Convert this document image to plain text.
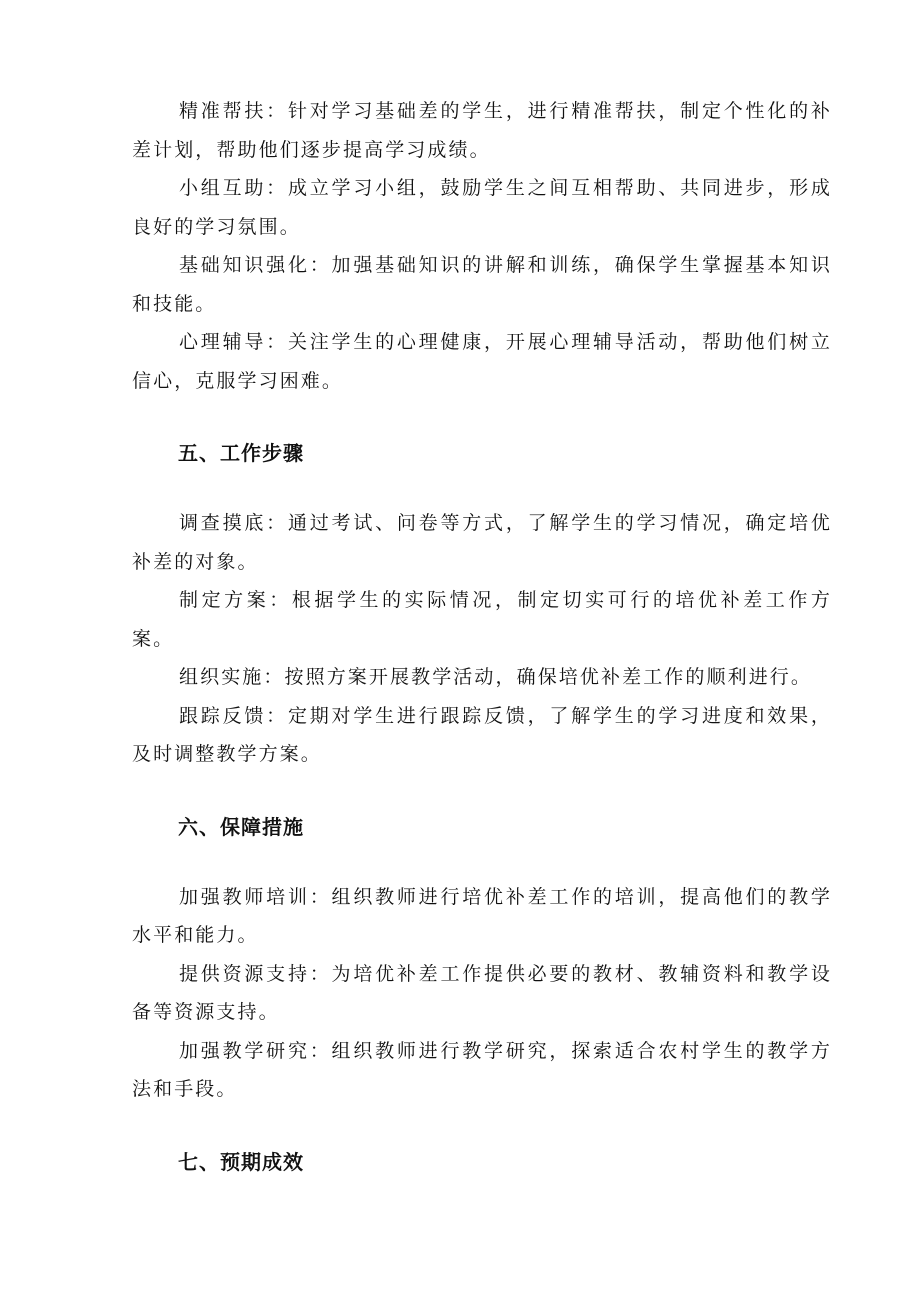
精准帮扶：针对学习基础差的学生，进行精准帮扶，制定个性化的补差计划，帮助他们逐步提高学习成绩。

小组互助：成立学习小组，鼓励学生之间互相帮助、共同进步，形成良好的学习氛围。

基础知识强化：加强基础知识的讲解和训练，确保学生掌握基本知识和技能。

心理辅导：关注学生的心理健康，开展心理辅导活动，帮助他们树立信心，克服学习困难。

五、工作步骤

调查摸底：通过考试、问卷等方式，了解学生的学习情况，确定培优补差的对象。

制定方案：根据学生的实际情况，制定切实可行的培优补差工作方案。

组织实施：按照方案开展教学活动，确保培优补差工作的顺利进行。

跟踪反馈：定期对学生进行跟踪反馈，了解学生的学习进度和效果，及时调整教学方案。

六、保障措施

加强教师培训：组织教师进行培优补差工作的培训，提高他们的教学水平和能力。

提供资源支持：为培优补差工作提供必要的教材、教辅资料和教学设备等资源支持。

加强教学研究：组织教师进行教学研究，探索适合农村学生的教学方法和手段。

七、预期成效
